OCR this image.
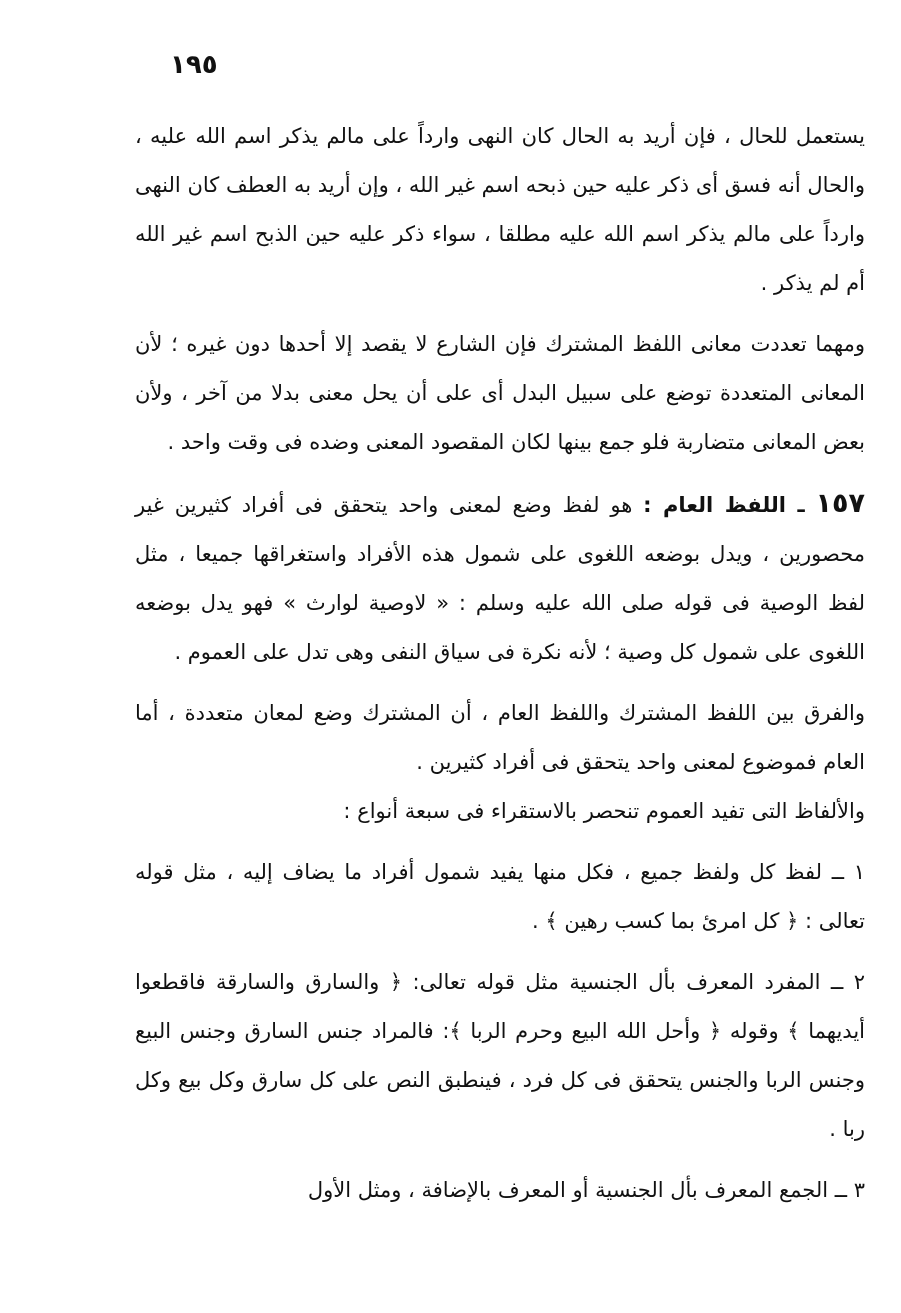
١٩٥

يستعمل للحال ، فإن أريد به الحال كان النهى وارداً على مالم يذكر اسم الله عليه ، والحال أنه فسق أى ذكر عليه حين ذبحه اسم غير الله ، وإن أريد به العطف كان النهى وارداً على مالم يذكر اسم الله عليه مطلقا ، سواء ذكر عليه حين الذبح اسم غير الله أم لم يذكر .

ومهما تعددت معانى اللفظ المشترك فإن الشارع لا يقصد إلا أحدها دون غيره ؛ لأن المعانى المتعددة توضع على سبيل البدل أى على أن يحل معنى بدلا من آخر ، ولأن بعض المعانى متضاربة فلو جمع بينها لكان المقصود المعنى وضده فى وقت واحد .

١٥٧ ـ اللفظ العام : هو لفظ وضع لمعنى واحد يتحقق فى أفراد كثيرين غير محصورين ، ويدل بوضعه اللغوى على شمول هذه الأفراد واستغراقها جميعا ، مثل لفظ الوصية فى قوله صلى الله عليه وسلم : « لاوصية لوارث » فهو يدل بوضعه اللغوى على شمول كل وصية ؛ لأنه نكرة فى سياق النفى وهى تدل على العموم .

والفرق بين اللفظ المشترك واللفظ العام ، أن المشترك وضع لمعان متعددة ، أما العام فموضوع لمعنى واحد يتحقق فى أفراد كثيرين .

والألفاظ التى تفيد العموم تنحصر بالاستقراء فى سبعة أنواع :

١ ــ لفظ كل ولفظ جميع ، فكل منها يفيد شمول أفراد ما يضاف إليه ، مثل قوله تعالى : ﴿ كل امرئ بما كسب رهين ﴾ .

٢ ــ المفرد المعرف بأل الجنسية مثل قوله تعالى: ﴿ والسارق والسارقة فاقطعوا أيديهما ﴾ وقوله ﴿ وأحل الله البيع وحرم الربا ﴾: فالمراد جنس السارق وجنس البيع وجنس الربا والجنس يتحقق فى كل فرد ، فينطبق النص على كل سارق وكل بيع وكل ربا .

٣ ــ الجمع المعرف بأل الجنسية أو المعرف بالإضافة ، ومثل الأول
